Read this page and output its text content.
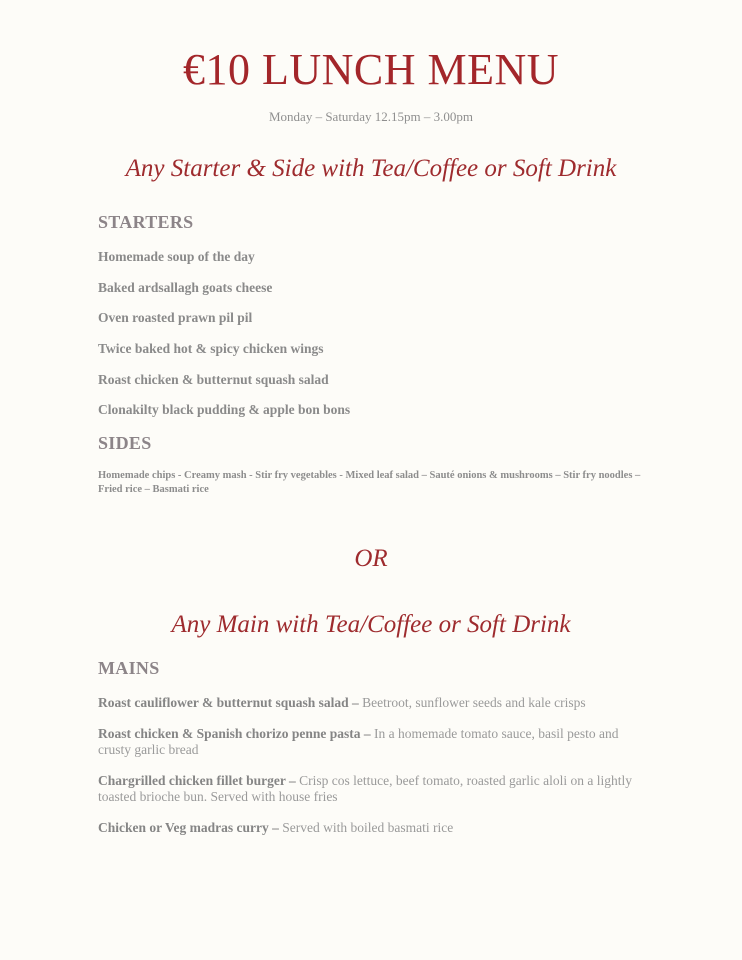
€10 LUNCH MENU
Monday – Saturday 12.15pm – 3.00pm
Any Starter & Side with Tea/Coffee or Soft Drink
STARTERS
Homemade soup of the day
Baked ardsallagh goats cheese
Oven roasted prawn pil pil
Twice baked hot & spicy chicken wings
Roast chicken & butternut squash salad
Clonakilty black pudding & apple bon bons
SIDES
Homemade chips - Creamy mash - Stir fry vegetables - Mixed leaf salad – Sauté onions & mushrooms – Stir fry noodles – Fried rice – Basmati rice
OR
Any Main with Tea/Coffee or Soft Drink
MAINS
Roast cauliflower & butternut squash salad – Beetroot, sunflower seeds and kale crisps
Roast chicken & Spanish chorizo penne pasta – In a homemade tomato sauce, basil pesto and crusty garlic bread
Chargrilled chicken fillet burger – Crisp cos lettuce, beef tomato, roasted garlic aloli on a lightly toasted brioche bun. Served with house fries
Chicken or Veg madras curry – Served with boiled basmati rice
